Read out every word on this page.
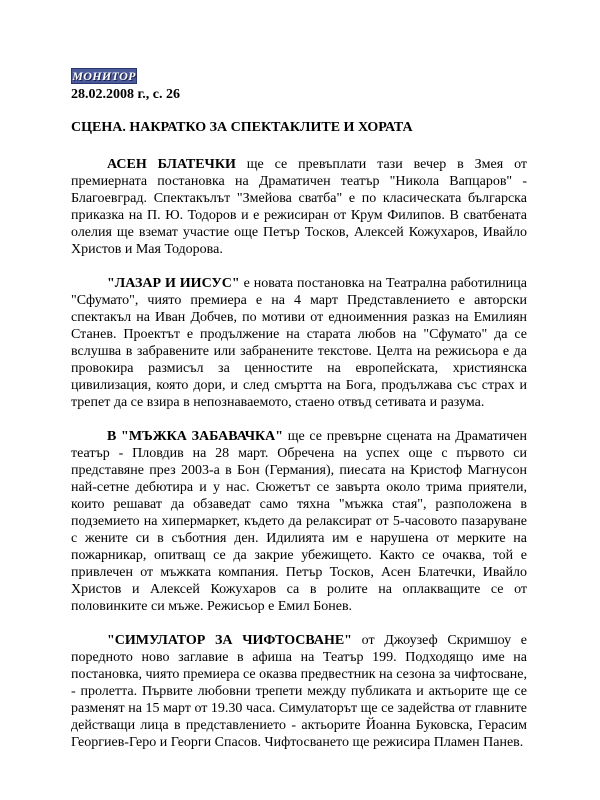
МОНИТОР
28.02.2008 г., с. 26
СЦЕНА. НАКРАТКО ЗА СПЕКТАКЛИТЕ И ХОРАТА

АСЕН БЛАТЕЧКИ ще се превъплати тази вечер в Змея от премиерната постановка на Драматичен театър "Никола Вапцаров" - Благоевград. Спектакълът "Змейова сватба" е по класическата българска приказка на П. Ю. Тодоров и е режисиран от Крум Филипов. В сватбената олелия ще вземат участие още Петър Тосков, Алексей Кожухаров, Ивайло Христов и Мая Тодорова.

"ЛАЗАР И ИИСУС" е новата постановка на Театрална работилница "Сфумато", чиято премиера е на 4 март Представлението е авторски спектакъл на Иван Добчев, по мотиви от едноименния разказ на Емилиян Станев. Проектът е продължение на старата любов на "Сфумато" да се вслушва в забравените или забранените текстове. Целта на режисьора е да провокира размисъл за ценностите на европейската, християнска цивилизация, която дори, и след смъртта на Бога, продължава със страх и трепет да се взира в непознаваемото, стаено отвъд сетивата и разума.

В "МЪЖКА ЗАБАВАЧКА" ще се превърне сцената на Драматичен театър - Пловдив на 28 март. Обречена на успех още с първото си представяне през 2003-а в Бон (Германия), пиесата на Кристоф Магнусон най-сетне дебютира и у нас. Сюжетът се завърта около трима приятели, които решават да обзаведат само тяхна "мъжка стая", разположена в подземието на хипермаркет, където да релаксират от 5-часовото пазаруване с жените си в съботния ден. Идилията им е нарушена от мерките на пожарникар, опитващ се да закрие убежището. Както се очаква, той е привлечен от мъжката компания. Петър Тосков, Асен Блатечки, Ивайло Христов и Алексей Кожухаров са в ролите на оплакващите се от половинките си мъже. Режисьор е Емил Бонев.

"СИМУЛАТОР ЗА ЧИФТОСВАНЕ" от Джоузеф Скримшоу е поредното ново заглавие в афиша на Театър 199. Подходящо име на постановка, чиято премиера се оказва предвестник на сезона за чифтосване, - пролетта. Първите любовни трепети между публиката и актьорите ще се разменят на 15 март от 19.30 часа. Симулаторът ще се задейства от главните действащи лица в представлението - актьорите Йоанна Буковска, Герасим Георгиев-Геро и Георги Спасов. Чифтосването ще режисира Пламен Панев.
